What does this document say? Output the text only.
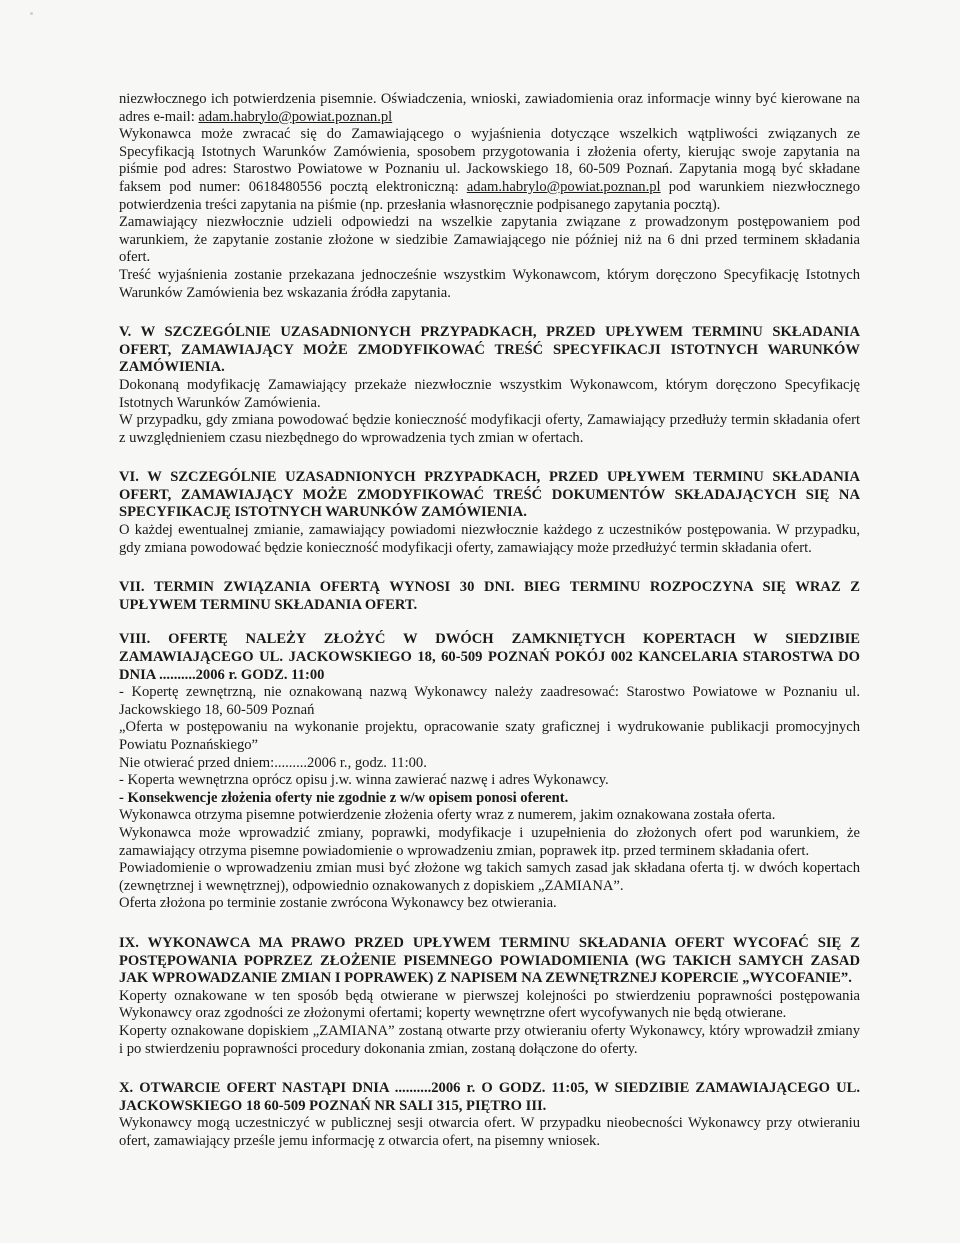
niezwłocznego ich potwierdzenia pisemnie. Oświadczenia, wnioski, zawiadomienia oraz informacje winny być kierowane na adres e-mail: adam.habrylo@powiat.poznan.pl

Wykonawca może zwracać się do Zamawiającego o wyjaśnienia dotyczące wszelkich wątpliwości związanych ze Specyfikacją Istotnych Warunków Zamówienia, sposobem przygotowania i złożenia oferty, kierując swoje zapytania na piśmie pod adres: Starostwo Powiatowe w Poznaniu ul. Jackowskiego 18, 60-509 Poznań. Zapytania mogą być składane faksem pod numer: 0618480556 pocztą elektroniczną: adam.habrylo@powiat.poznan.pl pod warunkiem niezwłocznego potwierdzenia treści zapytania na piśmie (np. przesłania własnoręcznie podpisanego zapytania pocztą).

Zamawiający niezwłocznie udzieli odpowiedzi na wszelkie zapytania związane z prowadzonym postępowaniem pod warunkiem, że zapytanie zostanie złożone w siedzibie Zamawiającego nie później niż na 6 dni przed terminem składania ofert.

Treść wyjaśnienia zostanie przekazana jednocześnie wszystkim Wykonawcom, którym doręczono Specyfikację Istotnych Warunków Zamówienia bez wskazania źródła zapytania.

V. W SZCZEGÓLNIE UZASADNIONYCH PRZYPADKACH, PRZED UPŁYWEM TERMINU SKŁADANIA OFERT, ZAMAWIAJĄCY MOŻE ZMODYFIKOWAĆ TREŚĆ SPECYFIKACJI ISTOTNYCH WARUNKÓW ZAMÓWIENIA.

Dokonaną modyfikację Zamawiający przekaże niezwłocznie wszystkim Wykonawcom, którym doręczono Specyfikację Istotnych Warunków Zamówienia.

W przypadku, gdy zmiana powodować będzie konieczność modyfikacji oferty, Zamawiający przedłuży termin składania ofert z uwzględnieniem czasu niezbędnego do wprowadzenia tych zmian w ofertach.

VI. W SZCZEGÓLNIE UZASADNIONYCH PRZYPADKACH, PRZED UPŁYWEM TERMINU SKŁADANIA OFERT, ZAMAWIAJĄCY MOŻE ZMODYFIKOWAĆ TREŚĆ DOKUMENTÓW SKŁADAJĄCYCH SIĘ NA SPECYFIKACJĘ ISTOTNYCH WARUNKÓW ZAMÓWIENIA.

O każdej ewentualnej zmianie, zamawiający powiadomi niezwłocznie każdego z uczestników postępowania. W przypadku, gdy zmiana powodować będzie konieczność modyfikacji oferty, zamawiający może przedłużyć termin składania ofert.

VII. TERMIN ZWIĄZANIA OFERTĄ WYNOSI 30 DNI. BIEG TERMINU ROZPOCZYNA SIĘ WRAZ Z UPŁYWEM TERMINU SKŁADANIA OFERT.
VIII. OFERTĘ NALEŻY ZŁOŻYĆ W DWÓCH ZAMKNIĘTYCH KOPERTACH W SIEDZIBIE ZAMAWIAJĄCEGO UL. JACKOWSKIEGO 18, 60-509 POZNAŃ POKÓJ 002 KANCELARIA STAROSTWA DO DNIA ..........2006 r. GODZ. 11:00

- Kopertę zewnętrzną, nie oznakowaną nazwą Wykonawcy należy zaadresować: Starostwo Powiatowe w Poznaniu ul. Jackowskiego 18, 60-509 Poznań

„Oferta w postępowaniu na wykonanie projektu, opracowanie szaty graficznej i wydrukowanie publikacji promocyjnych Powiatu Poznańskiego”

Nie otwierać przed dniem:.........2006 r., godz. 11:00.

- Koperta wewnętrzna oprócz opisu j.w. winna zawierać nazwę i adres Wykonawcy.

- Konsekwencje złożenia oferty nie zgodnie z w/w opisem ponosi oferent.

Wykonawca otrzyma pisemne potwierdzenie złożenia oferty wraz z numerem, jakim oznakowana została oferta.

Wykonawca może wprowadzić zmiany, poprawki, modyfikacje i uzupełnienia do złożonych ofert pod warunkiem, że zamawiający otrzyma pisemne powiadomienie o wprowadzeniu zmian, poprawek itp. przed terminem składania ofert.

Powiadomienie o wprowadzeniu zmian musi być złożone wg takich samych zasad jak składana oferta tj. w dwóch kopertach (zewnętrznej i wewnętrznej), odpowiednio oznakowanych z dopiskiem „ZAMIANA”.

Oferta złożona po terminie zostanie zwrócona Wykonawcy bez otwierania.

IX. WYKONAWCA MA PRAWO PRZED UPŁYWEM TERMINU SKŁADANIA OFERT WYCOFAĆ SIĘ Z POSTĘPOWANIA POPRZEZ ZŁOŻENIE PISEMNEGO POWIADOMIENIA (WG TAKICH SAMYCH ZASAD JAK WPROWADZANIE ZMIAN I POPRAWEK) Z NAPISEM NA ZEWNĘTRZNEJ KOPERCIE „WYCOFANIE”.

Koperty oznakowane w ten sposób będą otwierane w pierwszej kolejności po stwierdzeniu poprawności postępowania Wykonawcy oraz zgodności ze złożonymi ofertami; koperty wewnętrzne ofert wycofywanych nie będą otwierane.

Koperty oznakowane dopiskiem „ZAMIANA” zostaną otwarte przy otwieraniu oferty Wykonawcy, który wprowadził zmiany i po stwierdzeniu poprawności procedury dokonania zmian, zostaną dołączone do oferty.

X. OTWARCIE OFERT NASTĄPI DNIA ..........2006 r. O GODZ. 11:05, W SIEDZIBIE ZAMAWIAJĄCEGO UL. JACKOWSKIEGO 18 60-509 POZNAŃ NR SALI 315, PIĘTRO III.

Wykonawcy mogą uczestniczyć w publicznej sesji otwarcia ofert. W przypadku nieobecności Wykonawcy przy otwieraniu ofert, zamawiający prześle jemu informację z otwarcia ofert, na pisemny wniosek.
